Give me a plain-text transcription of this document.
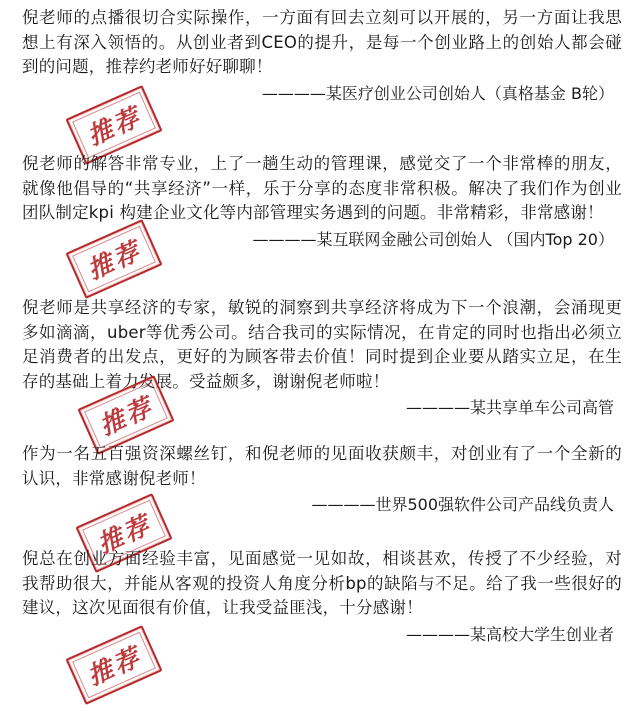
倪老师的点播很切合实际操作，一方面有回去立刻可以开展的，另一方面让我思想上有深入领悟的。从创业者到CEO的提升，是每一个创业路上的创始人都会碰到的问题，推荐约老师好好聊聊！

————某医疗创业公司创始人（真格基金 B轮）

推荐

倪老师的解答非常专业，上了一趟生动的管理课，感觉交了一个非常棒的朋友，就像他倡导的“共享经济”一样，乐于分享的态度非常积极。解决了我们作为创业团队制定kpi 构建企业文化等内部管理实务遇到的问题。非常精彩，非常感谢！

————某互联网金融公司创始人 （国内Top 20）

推荐

倪老师是共享经济的专家，敏锐的洞察到共享经济将成为下一个浪潮，会涌现更多如滴滴，uber等优秀公司。结合我司的实际情况，在肯定的同时也指出必须立足消费者的出发点，更好的为顾客带去价值！同时提到企业要从踏实立足，在生存的基础上着力发展。受益颇多，谢谢倪老师啦！

————某共享单车公司高管

推荐

作为一名五百强资深螺丝钉，和倪老师的见面收获颇丰，对创业有了一个全新的认识，非常感谢倪老师！

————世界500强软件公司产品线负责人

推荐

倪总在创业方面经验丰富，见面感觉一见如故，相谈甚欢，传授了不少经验，对我帮助很大，并能从客观的投资人角度分析bp的缺陷与不足。给了我一些很好的建议，这次见面很有价值，让我受益匪浅，十分感谢！

————某高校大学生创业者

推荐
